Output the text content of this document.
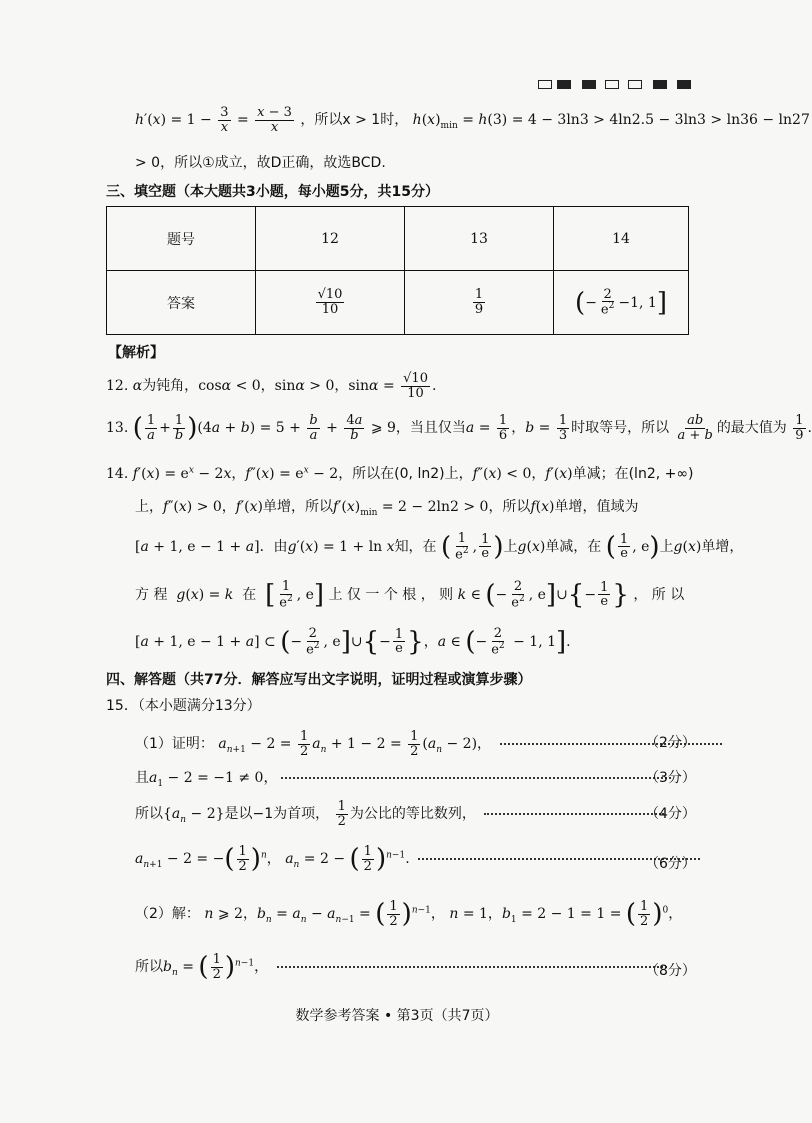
$h'(x) = 1 - \frac{3}{x} = \frac{x - 3}{x}$ ，所以x > 1时， $h(x)_{min} = h(3) = 4 - 3\ln 3 > 4\ln 2.5 - 3\ln 3 > \ln 36 - \ln 27$
> 0，所以①成立，故D正确，故选BCD.
三、填空题（本大题共3小题，每小题5分，共15分）
题号	12	13	14
答案	$\frac{√10}{10}$	$\frac{1}{9}$	(− $\frac{2}{e^2} -1$, 1]
【解析】
12. α为钝角，cosα < 0，sinα > 0，$\sin\alpha = \frac{√10}{10}$ .
13. ( $\frac{1}{a} + \frac{1}{b} )(4a + b) = 5 + \frac{b}{a} + \frac{4a}{b}$ ⩾ 9，当且仅当$a = \frac{1}{6}$ ，$b = \frac{1}{3}$ 时取等号，所以 $\frac{ab}{a + b}$ 的最大值为 $\frac{1}{9}$ .
14. $f'(x) = e^x - 2x$，$f''(x) = e^x - 2$，所以在(0, ln2)上，f″(x) < 0，f′(x)单减；在(ln2, +∞)
上，f″(x) > 0，f′(x)单增，所以$f'(x)_{min} = 2 - 2\ln 2 > 0$，所以f(x)单增，值域为
[a + 1, e − 1 + a]．由g′(x) = 1 + ln x知，在 ( $\frac{1}{e^2}$ , $\frac{1}{e}$ )上g(x)单减，在 ( $\frac{1}{e}$ , e)上g(x)单增，
方 程 g(x) = k 在 [ $\frac{1}{e^2}$ , e] 上 仅 一 个 根 ， 则 k ∈ (− $\frac{2}{e^2}$ , e]∪{− $\frac{1}{e}$ } ， 所 以
[a + 1, e − 1 + a] ⊂ (− $\frac{2}{e^2}$ , e]∪{− $\frac{1}{e}$ }，a ∈ (− $\frac{2}{e^2} - 1$, 1].
四、解答题（共77分．解答应写出文字说明，证明过程或演算步骤）
15．（本小题满分13分）
（1）证明： $a_{n+1} - 2 = \frac{1}{2} a_n + 1 - 2 = \frac{1}{2} (a_n - 2)$，	（2分）
且$a_1 - 2 = -1 \ne 0$，	（3分）
所以$\{a_n - 2\}$是以−1为首项， $\frac{1}{2}$ 为公比的等比数列，	（4分）
$a_{n+1} - 2$ = −( $\frac{1}{2} )^n$， $a_n = 2$ − ( $\frac{1}{2} )^{n-1}$.	（6分）
（2）解： n ⩾ 2，$b_n = a_n - a_{n-1}$ = ( $\frac{1}{2} )^{n-1}$， n = 1，$b_1 = 2 - 1 = 1$ = ( $\frac{1}{2} )^0$，
所以$b_n$ = ( $\frac{1}{2} )^{n-1}$，	（8分）
数学参考答案 • 第3页（共7页）
